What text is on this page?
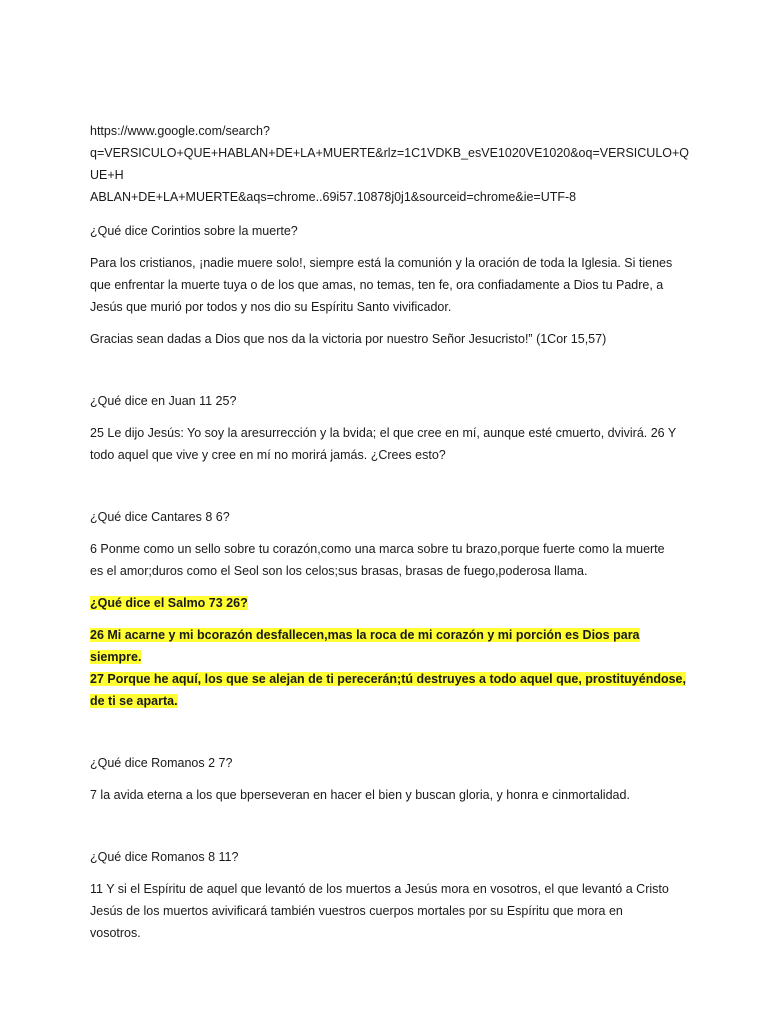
https://www.google.com/search?
q=VERSICULO+QUE+HABLAN+DE+LA+MUERTE&rlz=1C1VDKB_esVE1020VE1020&oq=VERSICULO+QUE+H
ABLAN+DE+LA+MUERTE&aqs=chrome..69i57.10878j0j1&sourceid=chrome&ie=UTF-8
¿Qué dice Corintios sobre la muerte?
Para los cristianos, ¡nadie muere solo!, siempre está la comunión y la oración de toda la Iglesia. Si tienes
que enfrentar la muerte tuya o de los que amas, no temas, ten fe, ora confiadamente a Dios tu Padre, a
Jesús que murió por todos y nos dio su Espíritu Santo vivificador.
Gracias sean dadas a Dios que nos da la victoria por nuestro Señor Jesucristo!” (1Cor 15,57)
¿Qué dice en Juan 11 25?
25 Le dijo Jesús: Yo soy la aresurrección y la bvida; el que cree en mí, aunque esté cmuerto, dvivirá. 26 Y
todo aquel que vive y cree en mí no morirá jamás. ¿Crees esto?
¿Qué dice Cantares 8 6?
6 Ponme como un sello sobre tu corazón,como una marca sobre tu brazo,porque fuerte como la muerte
es el amor;duros como el Seol son los celos;sus brasas, brasas de fuego,poderosa llama.
¿Qué dice el Salmo 73 26?
26 Mi acarne y mi bcorazón desfallecen,mas la roca de mi corazón y mi porción es Dios para siempre.
27 Porque he aquí, los que se alejan de ti perecerán;tú destruyes a todo aquel que, prostituyéndose,
de ti se aparta.
¿Qué dice Romanos 2 7?
7 la avida eterna a los que bperseveran en hacer el bien y buscan gloria, y honra e cinmortalidad.
¿Qué dice Romanos 8 11?
11 Y si el Espíritu de aquel que levantó de los muertos a Jesús mora en vosotros, el que levantó a Cristo
Jesús de los muertos avivificará también vuestros cuerpos mortales por su Espíritu que mora en
vosotros.
